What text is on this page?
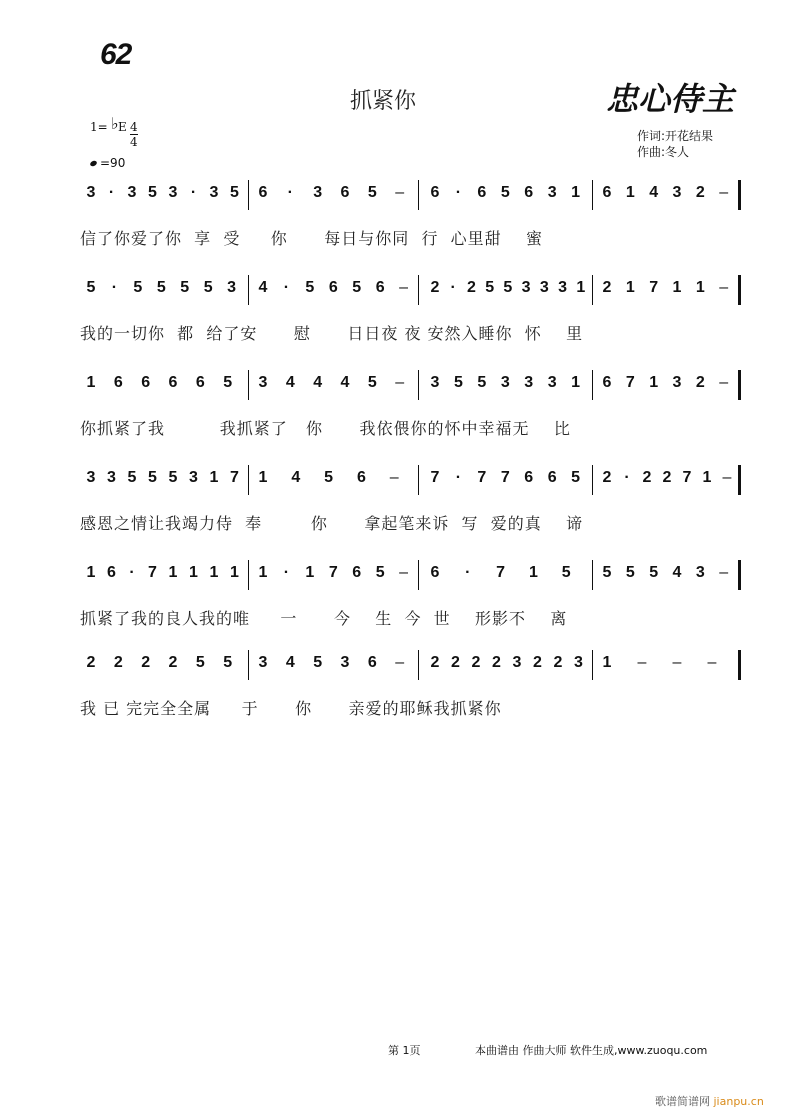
62
抓紧你	忠心侍主
作词:开花结果
作曲:冬人
1= ♭ E $\frac{4}{4}$
=90
3 · 3 5 3 · 3 5 6 · 3 6 5 – 6 · 6 5 6 3 1 6 1 4 3 2 –
信了你爱了你  享  受     你      每日与你同  行  心里甜    蜜
5 · 5 5 5 5 3 4 · 5 6 5 6 – 2 · 2 5 5 3 3 3 1 2 1 7 1 1 –
我的一切你  都  给了安      慰      日日夜 夜 安然入睡你  怀    里
1 6 6 6 6 5 3 4 4 4 5 – 3 5 5 3 3 3 1 6 7 1 3 2 –
你抓紧了我         我抓紧了   你      我依偎你的怀中幸福无    比
3 3 5 5 5 3 1 7 1 4 5 6 – 7 · 7 7 6 6 5 2 · 2 2 7 1 –
感恩之情让我竭力侍  奉        你      拿起笔来诉  写  爱的真    谛
1 6 · 7 1 1 1 1 1 · 1 7 6 5 – 6 · 7 1 5 5 5 5 4 3 –
抓紧了我的良人我的唯     一      今    生  今  世    形影不    离
2 2 2 2 5 5 3 4 5 3 6 – 2 2 2 2 3 2 2 3 1 – – –
我 已 完完全全属     于      你      亲爱的耶稣我抓紧你
第 1页	本曲谱由 作曲大师 软件生成,www.zuoqu.com
歌谱简谱网 jianpu.cn
